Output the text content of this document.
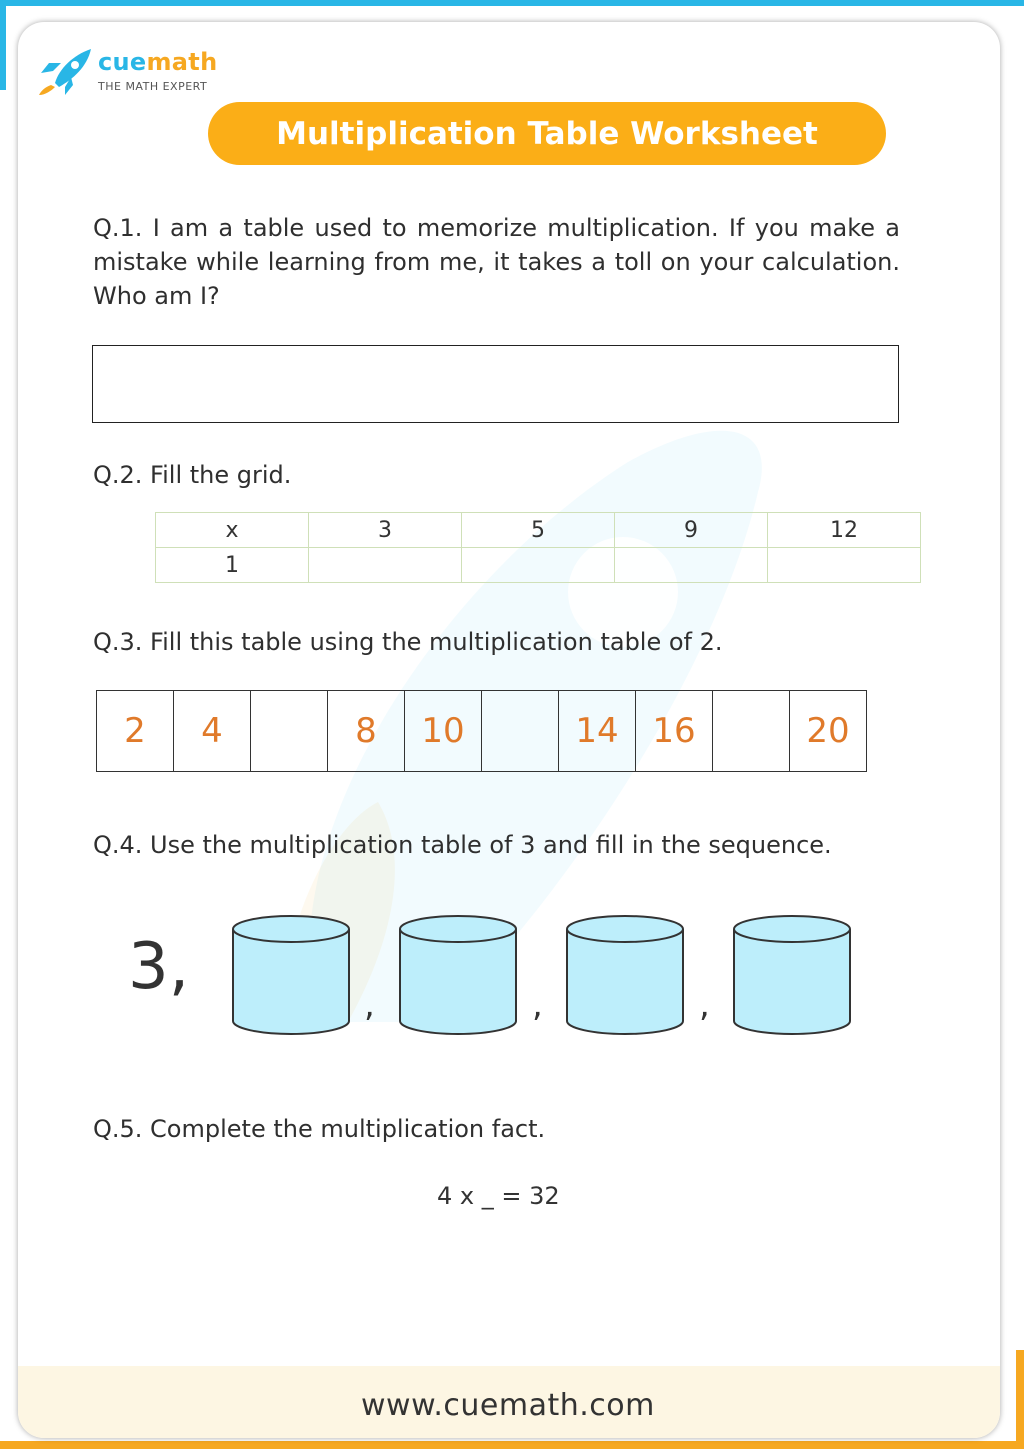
cuemath
THE MATH EXPERT
Multiplication Table Worksheet
Q.1. I am a table used to memorize multiplication. If you make a mistake while learning from me, it takes a toll on your calculation. Who am I?
Q.2. Fill the grid.
x	3	5	9	12
1				
Q.3. Fill this table using the multiplication table of 2.
2	4	8	10	14 16	20
Q.4. Use the multiplication table of 3 and fill in the sequence.
3,
,	,	,
Q.5. Complete the multiplication fact.
4 x _ = 32
www.cuemath.com
